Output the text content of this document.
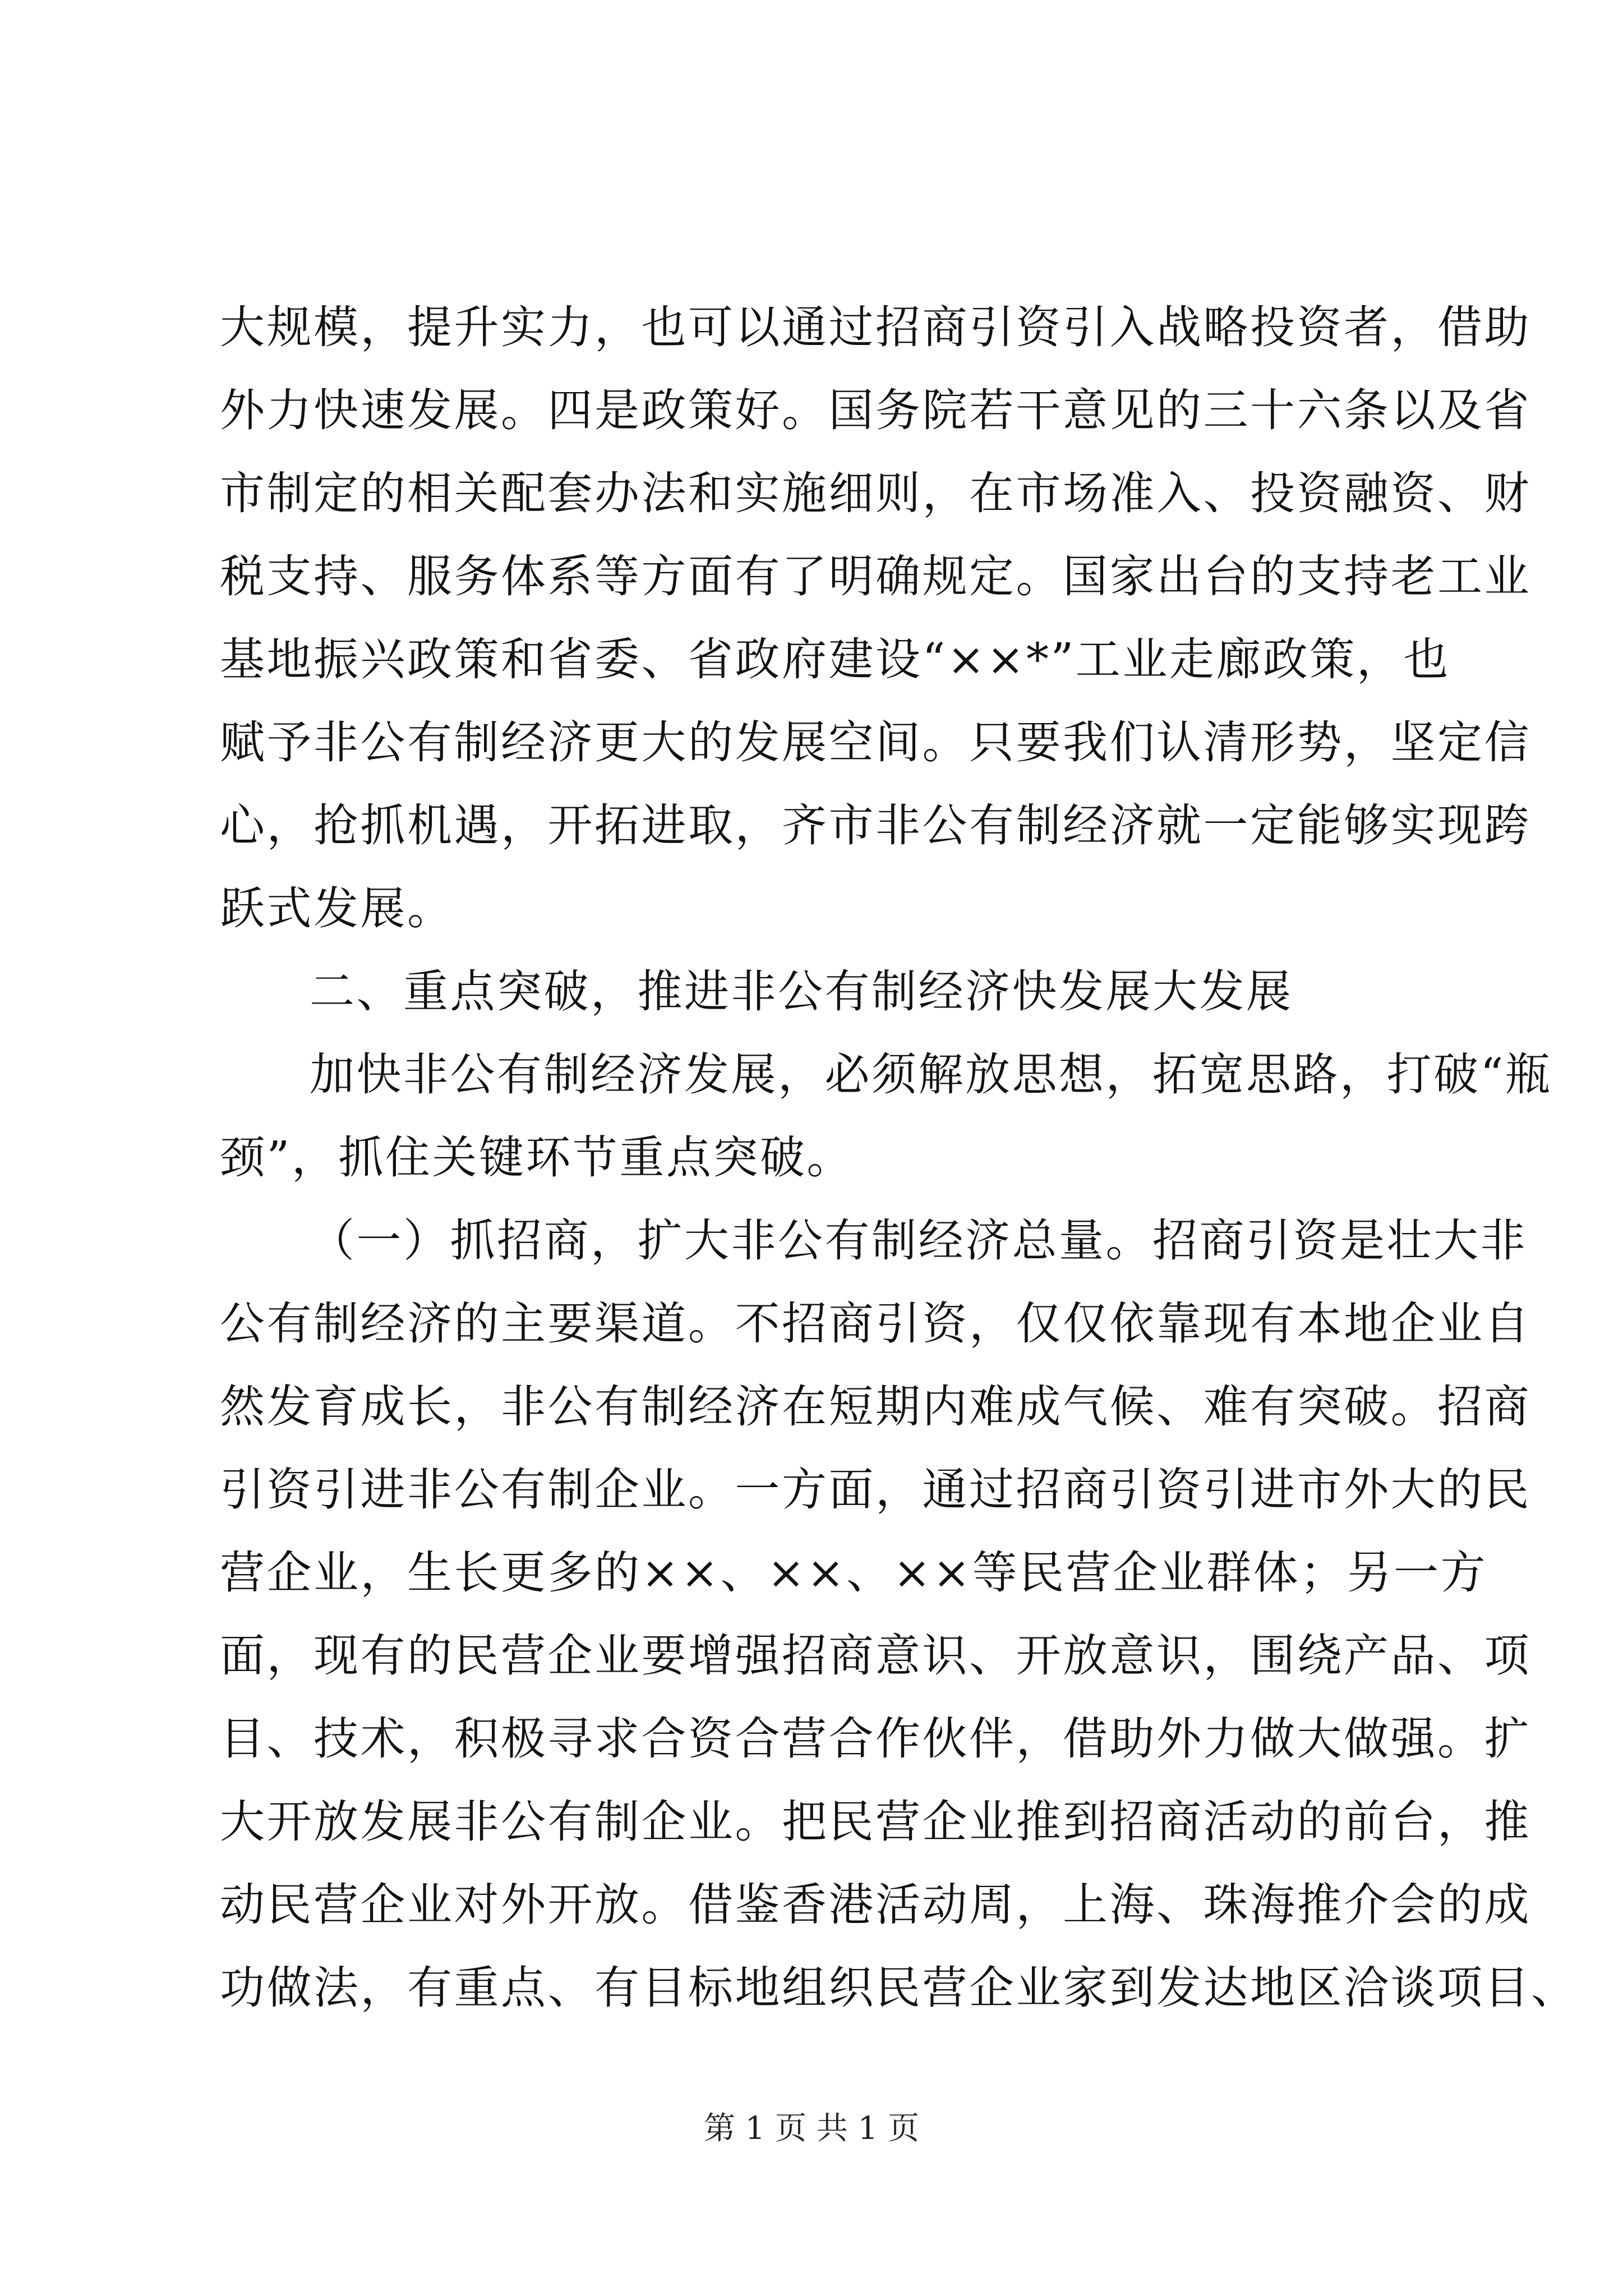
大规模，提升实力，也可以通过招商引资引入战略投资者，借助
外力快速发展。四是政策好。国务院若干意见的三十六条以及省
市制定的相关配套办法和实施细则，在市场准入、投资融资、财
税支持、服务体系等方面有了明确规定。国家出台的支持老工业
基地振兴政策和省委、省政府建设“××*”工业走廊政策，也
赋予非公有制经济更大的发展空间。只要我们认清形势，坚定信
心，抢抓机遇，开拓进取，齐市非公有制经济就一定能够实现跨
跃式发展。
二、重点突破，推进非公有制经济快发展大发展
加快非公有制经济发展，必须解放思想，拓宽思路，打破“瓶
颈”，抓住关键环节重点突破。
（一）抓招商，扩大非公有制经济总量。招商引资是壮大非
公有制经济的主要渠道。不招商引资，仅仅依靠现有本地企业自
然发育成长，非公有制经济在短期内难成气候、难有突破。招商
引资引进非公有制企业。一方面，通过招商引资引进市外大的民
营企业，生长更多的××、××、××等民营企业群体；另一方
面，现有的民营企业要增强招商意识、开放意识，围绕产品、项
目、技术，积极寻求合资合营合作伙伴，借助外力做大做强。扩
大开放发展非公有制企业。把民营企业推到招商活动的前台，推
动民营企业对外开放。借鉴香港活动周，上海、珠海推介会的成
功做法，有重点、有目标地组织民营企业家到发达地区洽谈项目、
第 1 页 共 1 页
